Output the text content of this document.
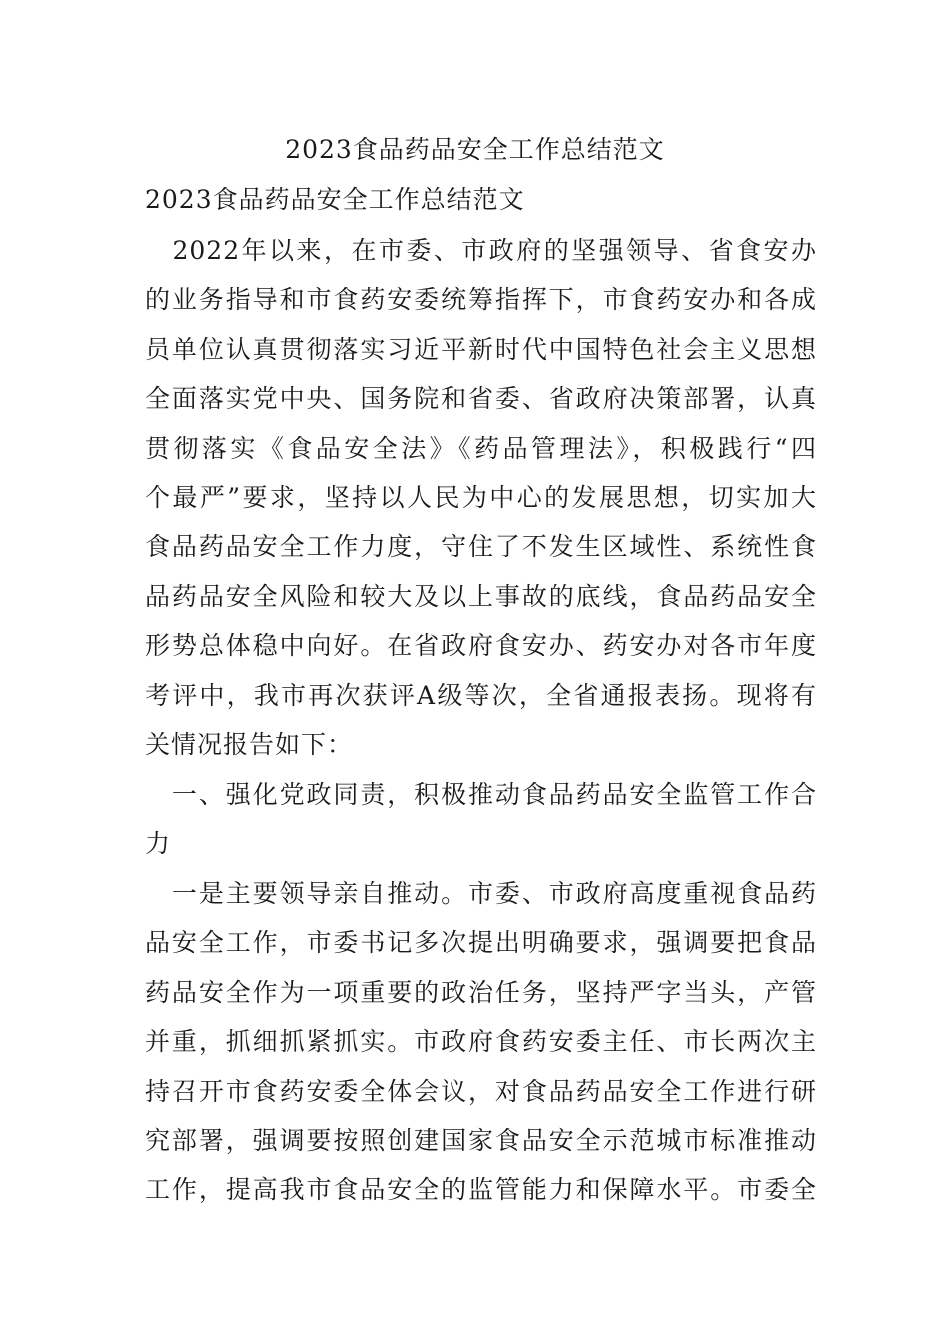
2023食品药品安全工作总结范文
2023食品药品安全工作总结范文
　2022年以来，在市委、市政府的坚强领导、省食安办
的业务指导和市食药安委统筹指挥下，市食药安办和各成
员单位认真贯彻落实习近平新时代中国特色社会主义思想
全面落实党中央、国务院和省委、省政府决策部署，认真
贯彻落实《食品安全法》《药品管理法》，积极践行“四
个最严”要求，坚持以人民为中心的发展思想，切实加大
食品药品安全工作力度，守住了不发生区域性、系统性食
品药品安全风险和较大及以上事故的底线，食品药品安全
形势总体稳中向好。在省政府食安办、药安办对各市年度
考评中，我市再次获评A级等次，全省通报表扬。现将有
关情况报告如下：
　一、强化党政同责，积极推动食品药品安全监管工作合
力
　一是主要领导亲自推动。市委、市政府高度重视食品药
品安全工作，市委书记多次提出明确要求，强调要把食品
药品安全作为一项重要的政治任务，坚持严字当头，产管
并重，抓细抓紧抓实。市政府食药安委主任、市长两次主
持召开市食药安委全体会议，对食品药品安全工作进行研
究部署，强调要按照创建国家食品安全示范城市标准推动
工作，提高我市食品安全的监管能力和保障水平。市委全
